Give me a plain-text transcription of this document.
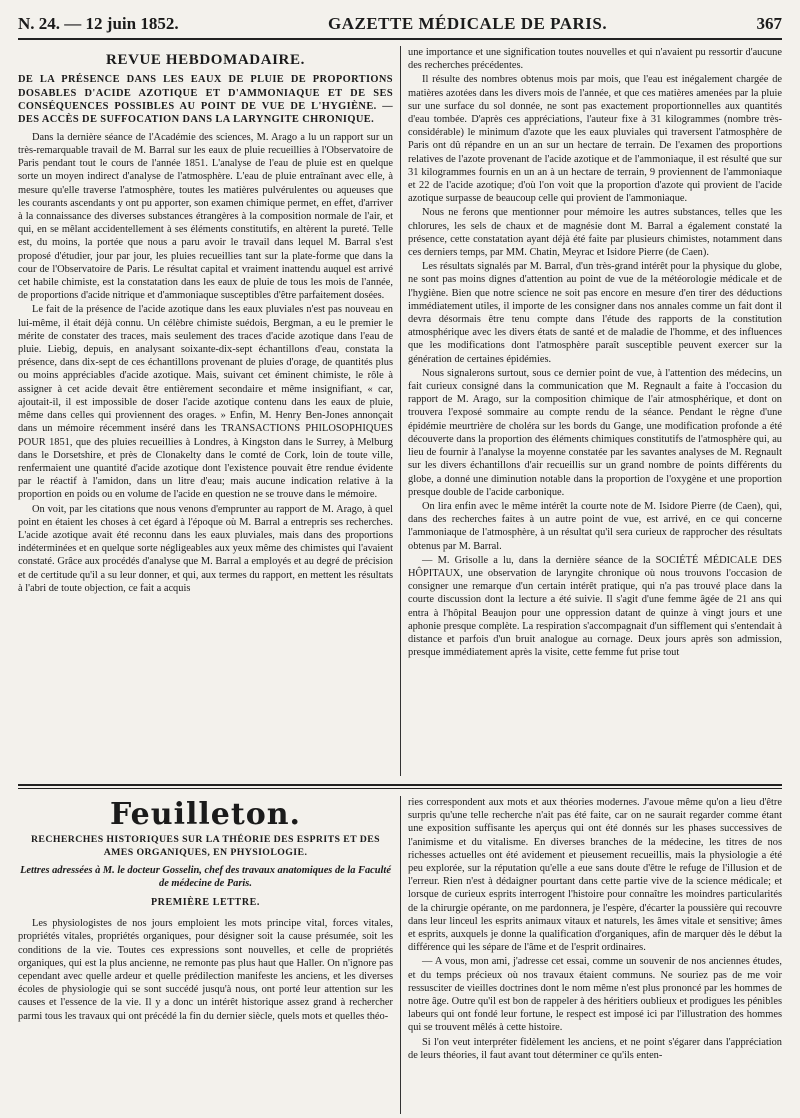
N. 24. — 12 juin 1852.	GAZETTE MÉDICALE DE PARIS.	367
REVUE HEBDOMADAIRE.
DE LA PRÉSENCE DANS LES EAUX DE PLUIE DE PROPORTIONS DOSABLES D'ACIDE AZOTIQUE ET D'AMMONIAQUE ET DE SES CONSÉQUENCES POSSIBLES AU POINT DE VUE DE L'HYGIÈNE. — DES ACCÈS DE SUFFOCATION DANS LA LARYNGITE CHRONIQUE.

Dans la dernière séance de l'Académie des sciences, M. Arago a lu un rapport sur un très-remarquable travail de M. Barral sur les eaux de pluie recueillies à l'Observatoire de Paris pendant tout le cours de l'année 1851. L'analyse de l'eau de pluie est en quelque sorte un moyen indirect d'analyse de l'atmosphère. L'eau de pluie entraînant avec elle, à mesure qu'elle traverse l'atmosphère, toutes les matières pulvérulentes ou aqueuses que les courants ascendants y ont pu apporter, son examen chimique permet, en effet, d'arriver à la connaissance des diverses substances étrangères à la composition normale de l'air, et qui, en se mêlant accidentellement à ses éléments constitutifs, en altèrent la pureté. Telle est, du moins, la portée que nous a paru avoir le travail dans lequel M. Barral s'est proposé d'étudier, jour par jour, les pluies recueillies tant sur la plate-forme que dans la cour de l'Observatoire de Paris. Le résultat capital et vraiment inattendu auquel est arrivé cet habile chimiste, est la constatation dans les eaux de pluie de tous les mois de l'année, de proportions d'acide nitrique et d'ammoniaque susceptibles d'être parfaitement dosées.

Le fait de la présence de l'acide azotique dans les eaux pluviales n'est pas nouveau en lui-même, il était déjà connu. Un célèbre chimiste suédois, Bergman, a eu le premier le mérite de constater des traces, mais seulement des traces d'acide azotique dans l'eau de pluie. Liebig, depuis, en analysant soixante-dix-sept échantillons d'eau, constata la présence, dans dix-sept de ces échantillons provenant de pluies d'orage, de quantités plus ou moins appréciables d'acide azotique. Mais, suivant cet éminent chimiste, le rôle à assigner à cet acide devait être entièrement secondaire et même insignifiant, « car, ajoutait-il, il est impossible de doser l'acide azotique contenu dans les eaux de pluie, même dans celles qui proviennent des orages. » Enfin, M. Henry Ben-Jones annonçait dans un mémoire récemment inséré dans les TRANSACTIONS PHILOSOPHIQUES POUR 1851, que des pluies recueillies à Londres, à Kingston dans le Surrey, à Melburg dans le Dorsetshire, et près de Clonakelty dans le comté de Cork, loin de toute ville, renfermaient une quantité d'acide azotique dont l'existence pouvait être rendue évidente par le réactif à l'amidon, dans un litre d'eau; mais aucune indication relative à la proportion en poids ou en volume de l'acide en question ne se trouve dans le mémoire.

On voit, par les citations que nous venons d'emprunter au rapport de M. Arago, à quel point en étaient les choses à cet égard à l'époque où M. Barral a entrepris ses recherches. L'acide azotique avait été reconnu dans les eaux pluviales, mais dans des proportions indéterminées et en quelque sorte négligeables aux yeux même des chimistes qui l'avaient constaté. Grâce aux procédés d'analyse que M. Barral a employés et au degré de précision et de certitude qu'il a su leur donner, et qui, aux termes du rapport, en mettent les résultats à l'abri de toute objection, ce fait a acquis

une importance et une signification toutes nouvelles et qui n'avaient pu ressortir d'aucune des recherches précédentes.

Il résulte des nombres obtenus mois par mois, que l'eau est inégalement chargée de matières azotées dans les divers mois de l'année, et que ces matières amenées par la pluie sur une surface du sol donnée, ne sont pas exactement proportionnelles aux quantités d'eau tombée. D'après ces appréciations, l'auteur fixe à 31 kilogrammes (nombre très-considérable) le minimum d'azote que les eaux pluviales qui traversent l'atmosphère de Paris ont dû répandre en un an sur un hectare de terrain. De l'examen des proportions relatives de l'azote provenant de l'acide azotique et de l'ammoniaque, il est résulté que sur 31 kilogrammes fournis en un an à un hectare de terrain, 9 proviennent de l'ammoniaque et 22 de l'acide azotique; d'où l'on voit que la proportion d'azote qui provient de l'acide azotique surpasse de beaucoup celle qui provient de l'ammoniaque.

Nous ne ferons que mentionner pour mémoire les autres substances, telles que les chlorures, les sels de chaux et de magnésie dont M. Barral a également constaté la présence, cette constatation ayant déjà été faite par plusieurs chimistes, notamment dans ces derniers temps, par MM. Chatin, Meyrac et Isidore Pierre (de Caen).

Les résultats signalés par M. Barral, d'un très-grand intérêt pour la physique du globe, ne sont pas moins dignes d'attention au point de vue de la météorologie médicale et de l'hygiène. Bien que notre science ne soit pas encore en mesure d'en tirer des déductions immédiatement utiles, il importe de les consigner dans nos annales comme un fait dont il devra désormais être tenu compte dans l'étude des rapports de la constitution atmosphérique avec les divers états de santé et de maladie de l'homme, et des influences que les modifications dont l'atmosphère paraît susceptible peuvent exercer sur la génération de certaines épidémies.

Nous signalerons surtout, sous ce dernier point de vue, à l'attention des médecins, un fait curieux consigné dans la communication que M. Regnault a faite à l'occasion du rapport de M. Arago, sur la composition chimique de l'air atmosphérique, et dont on trouvera l'exposé sommaire au compte rendu de la séance. Pendant le règne d'une épidémie meurtrière de choléra sur les bords du Gange, une modification profonde a été découverte dans la proportion des éléments chimiques constitutifs de l'atmosphère qui, au lieu de fournir à l'analyse la moyenne constatée par les savantes analyses de M. Regnault sur les divers échantillons d'air recueillis sur un grand nombre de points différents du globe, a donné une diminution notable dans la proportion de l'oxygène et une proportion presque double de l'acide carbonique.

On lira enfin avec le même intérêt la courte note de M. Isidore Pierre (de Caen), qui, dans des recherches faites à un autre point de vue, est arrivé, en ce qui concerne l'ammoniaque de l'atmosphère, à un résultat qu'il sera curieux de rapprocher des résultats obtenus par M. Barral.

— M. Grisolle a lu, dans la dernière séance de la SOCIÉTÉ MÉDICALE DES HÔPITAUX, une observation de laryngite chronique où nous trouvons l'occasion de consigner une remarque d'un certain intérêt pratique, qui n'a pas trouvé place dans la courte discussion dont la lecture a été suivie. Il s'agit d'une femme âgée de 21 ans qui entra à l'hôpital Beaujon pour une oppression datant de quinze à vingt jours et une aphonie presque complète. La respiration s'accompagnait d'un sifflement qui s'entendait à distance et parfois d'un bruit analogue au cornage. Deux jours après son admission, presque immédiatement après la visite, cette femme fut prise tout

Feuilleton.
RECHERCHES HISTORIQUES SUR LA THÉORIE DES ESPRITS ET DES AMES ORGANIQUES, EN PHYSIOLOGIE.
Lettres adressées à M. le docteur Gosselin, chef des travaux anatomiques de la Faculté de médecine de Paris.
PREMIÈRE LETTRE.

Les physiologistes de nos jours emploient les mots principe vital, forces vitales, propriétés vitales, propriétés organiques, pour désigner soit la cause présumée, soit les conditions de la vie. Toutes ces expressions sont nouvelles, et celle de propriétés organiques, qui est la plus ancienne, ne remonte pas plus haut que Haller. On n'ignore pas cependant avec quelle ardeur et quelle prédilection manifeste les anciens, et les diverses écoles de physiologie qui se sont succédé jusqu'à nous, ont porté leur attention sur les causes et l'essence de la vie. Il y a donc un intérêt historique assez grand à rechercher parmi tous les travaux qui ont précédé la fin du dernier siècle, quels mots et quelles théo-

ries correspondent aux mots et aux théories modernes. J'avoue même qu'on a lieu d'être surpris qu'une telle recherche n'ait pas été faite, car on ne saurait regarder comme étant une exposition suffisante les aperçus qui ont été donnés sur les phases successives de l'animisme et du vitalisme. En diverses branches de la médecine, les titres de nos richesses actuelles ont été avidement et pieusement recueillis, mais la physiologie a été peu explorée, sur la réputation qu'elle a eue sans doute d'être le refuge de l'illusion et de l'erreur. Rien n'est à dédaigner pourtant dans cette partie vive de la science médicale; et lorsque de curieux esprits interrogent l'histoire pour connaître les moindres particularités de la chirurgie opérante, on me pardonnera, je l'espère, d'écarter la poussière qui recouvre dans leur linceul les esprits animaux vitaux et naturels, les âmes vitale et sensitive; âmes et esprits, auxquels je donne la qualification d'organiques, afin de marquer dès le début la différence qui les sépare de l'âme et de l'esprit ordinaires.

— A vous, mon ami, j'adresse cet essai, comme un souvenir de nos anciennes études, et du temps précieux où nos travaux étaient communs. Ne souriez pas de me voir ressusciter de vieilles doctrines dont le nom même n'est plus prononcé par les hommes de notre âge. Outre qu'il est bon de rappeler à des héritiers oublieux et prodigues les pénibles labeurs qui ont fondé leur fortune, le respect est imposé ici par l'illustration des hommes qui se trouvent mêlés à cette histoire.

Si l'on veut interpréter fidèlement les anciens, et ne point s'égarer dans l'appréciation de leurs théories, il faut avant tout déterminer ce qu'ils enten-
